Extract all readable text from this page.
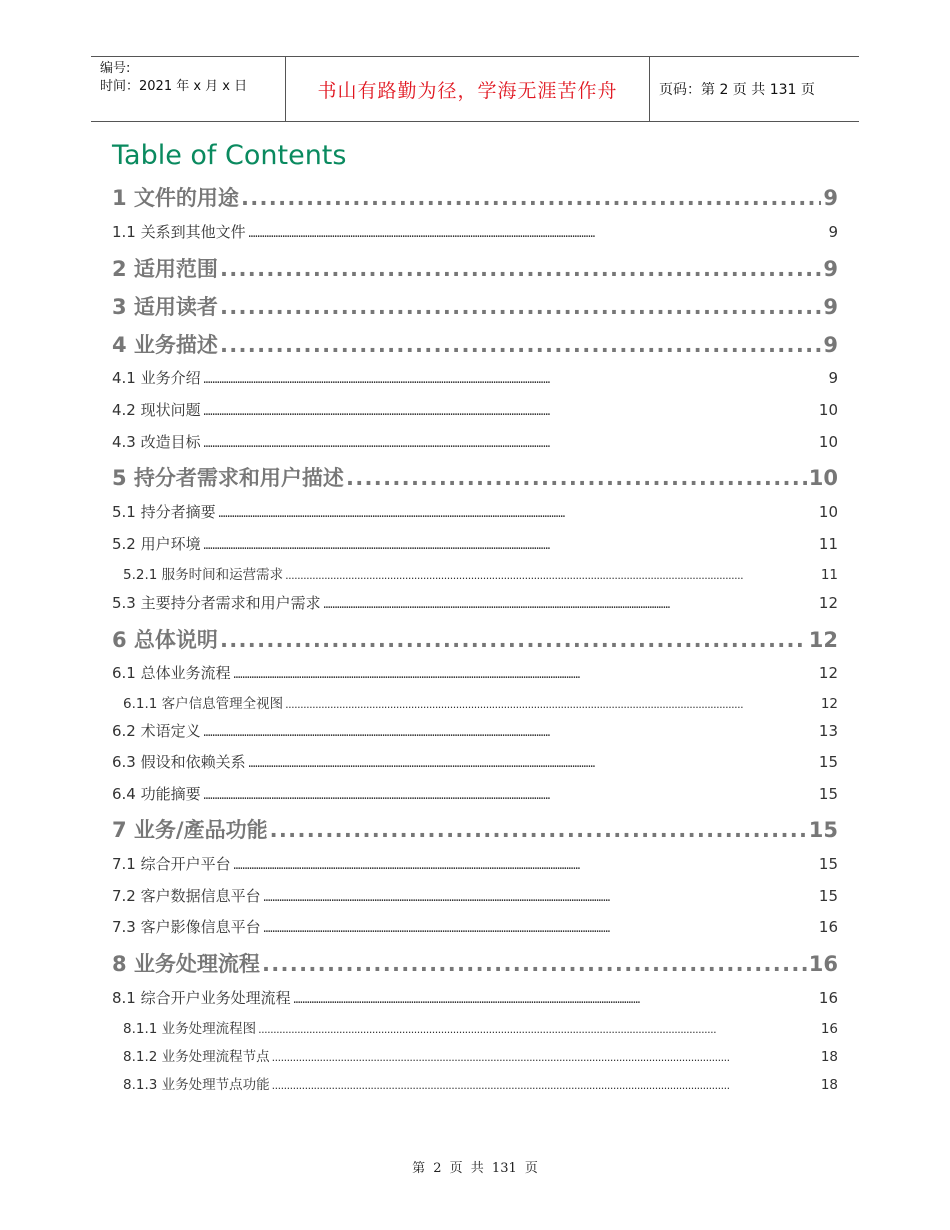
编号:
时间：2021 年 x 月 x 日	书山有路勤为径，学海无涯苦作舟	页码：第 2 页 共 131 页
Table of Contents
1 文件的用途 . . .	9
1.1 关系到其他文件 . . .	9
2 适用范围 . . .	9
3 适用读者 . . .	9
4 业务描述 . . .	9
4.1 业务介绍 . . .	9
4.2 现状问题 . . .	10
4.3 改造目标 . . .	10
5 持分者需求和用户描述 . . .	10
5.1 持分者摘要 . . .	10
5.2 用户环境 . . .	11
5.2.1 服务时间和运营需求 . . .	11
5.3 主要持分者需求和用户需求 . . .	12
6 总体说明 . . .	12
6.1 总体业务流程 . . .	12
6.1.1 客户信息管理全视图 . . .	12
6.2 术语定义 . . .	13
6.3 假设和依赖关系 . . .	15
6.4 功能摘要 . . .	15
7 业务/產品功能 . . .	15
7.1 综合开户平台 . . .	15
7.2 客户数据信息平台 . . .	15
7.3 客户影像信息平台 . . .	16
8 业务处理流程 . . .	16
8.1 综合开户业务处理流程 . . .	16
8.1.1 业务处理流程图 . . .	16
8.1.2 业务处理流程节点 . . .	18
8.1.3 业务处理节点功能 . . .	18
第 2 页 共 131 页
